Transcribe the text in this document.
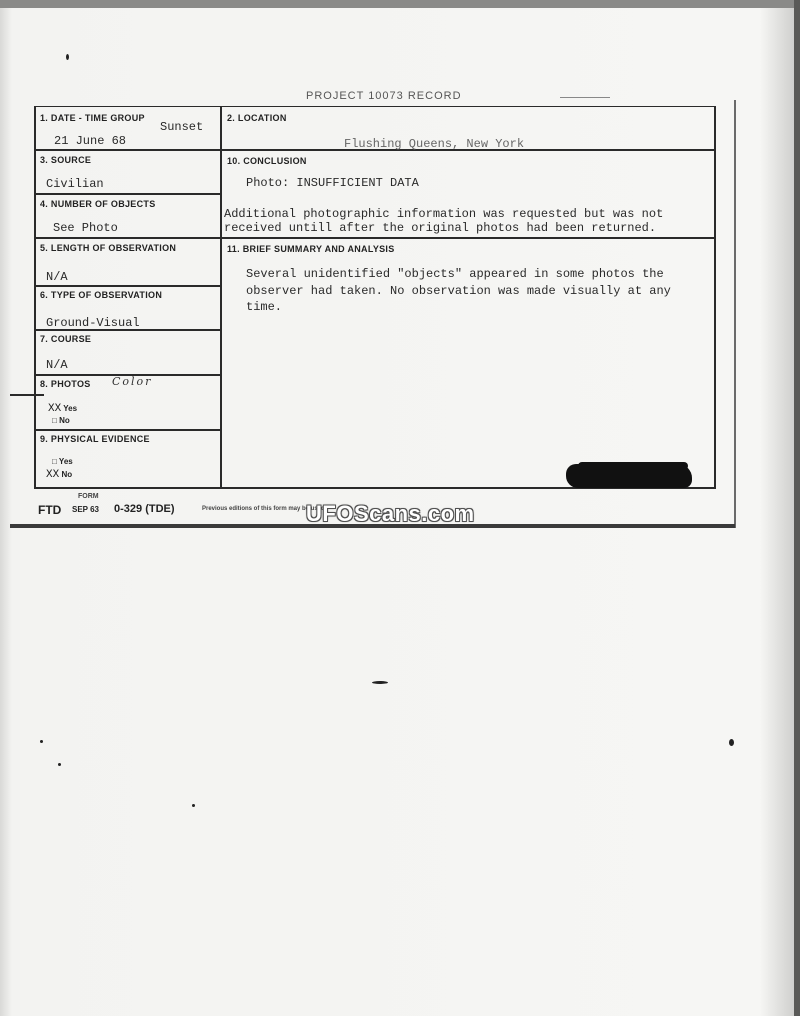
PROJECT 10073 RECORD
1. DATE - TIME GROUP
Sunset
21 June 68
2. LOCATION
Flushing Queens, New York
3. SOURCE
Civilian
10. CONCLUSION
Photo: INSUFFICIENT DATA
Additional photographic information was requested but was not
received untill after the original photos had been returned.
4. NUMBER OF OBJECTS
See Photo
5. LENGTH OF OBSERVATION
N/A
11. BRIEF SUMMARY AND ANALYSIS
Several unidentified "objects" appeared in some photos the
observer had taken. No observation was made visually at any
time.
6. TYPE OF OBSERVATION
Ground-Visual
7. COURSE
N/A
8. PHOTOS Color
XX Yes
□ No
9. PHYSICAL EVIDENCE
□ Yes
XX No
FORM
FTD SEP 63 0-329 (TDE)	Previous editions of this form may be used.
UFOScans.com
